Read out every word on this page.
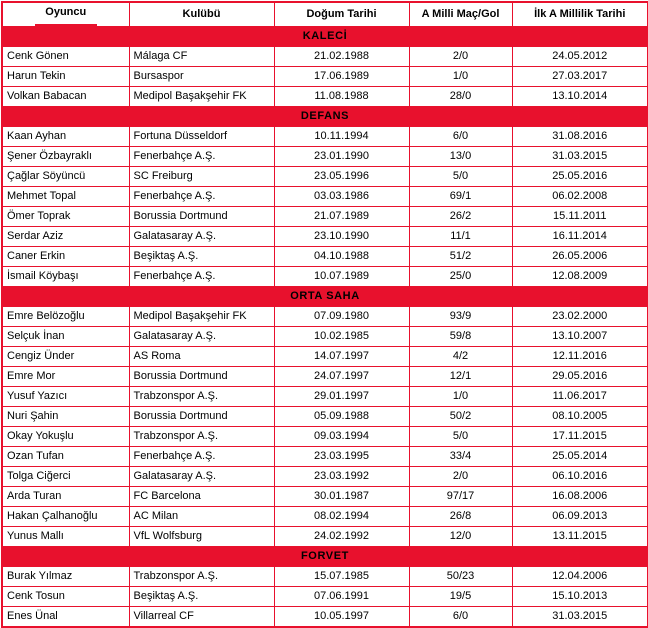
Oyuncu	Kulübü	Doğum Tarihi	A Milli Maç/Gol	İlk A Millilik Tarihi
KALECİ				
Cenk Gönen	Málaga CF	21.02.1988	2/0	24.05.2012
Harun Tekin	Bursaspor	17.06.1989	1/0	27.03.2017
Volkan Babacan	Medipol Başakşehir FK	11.08.1988	28/0	13.10.2014
DEFANS				
Kaan Ayhan	Fortuna Düsseldorf	10.11.1994	6/0	31.08.2016
Şener Özbayraklı	Fenerbahçe A.Ş.	23.01.1990	13/0	31.03.2015
Çağlar Söyüncü	SC Freiburg	23.05.1996	5/0	25.05.2016
Mehmet Topal	Fenerbahçe A.Ş.	03.03.1986	69/1	06.02.2008
Ömer Toprak	Borussia Dortmund	21.07.1989	26/2	15.11.2011
Serdar Aziz	Galatasaray A.Ş.	23.10.1990	11/1	16.11.2014
Caner Erkin	Beşiktaş A.Ş.	04.10.1988	51/2	26.05.2006
İsmail Köybaşı	Fenerbahçe A.Ş.	10.07.1989	25/0	12.08.2009
ORTA SAHA				
Emre Belözoğlu	Medipol Başakşehir FK	07.09.1980	93/9	23.02.2000
Selçuk İnan	Galatasaray A.Ş.	10.02.1985	59/8	13.10.2007
Cengiz Ünder	AS Roma	14.07.1997	4/2	12.11.2016
Emre Mor	Borussia Dortmund	24.07.1997	12/1	29.05.2016
Yusuf Yazıcı	Trabzonspor A.Ş.	29.01.1997	1/0	11.06.2017
Nuri Şahin	Borussia Dortmund	05.09.1988	50/2	08.10.2005
Okay Yokuşlu	Trabzonspor A.Ş.	09.03.1994	5/0	17.11.2015
Ozan Tufan	Fenerbahçe A.Ş.	23.03.1995	33/4	25.05.2014
Tolga Ciğerci	Galatasaray A.Ş.	23.03.1992	2/0	06.10.2016
Arda Turan	FC Barcelona	30.01.1987	97/17	16.08.2006
Hakan Çalhanoğlu	AC Milan	08.02.1994	26/8	06.09.2013
Yunus Mallı	VfL Wolfsburg	24.02.1992	12/0	13.11.2015
FORVET				
Burak Yılmaz	Trabzonspor A.Ş.	15.07.1985	50/23	12.04.2006
Cenk Tosun	Beşiktaş A.Ş.	07.06.1991	19/5	15.10.2013
Enes Ünal	Villarreal CF	10.05.1997	6/0	31.03.2015
